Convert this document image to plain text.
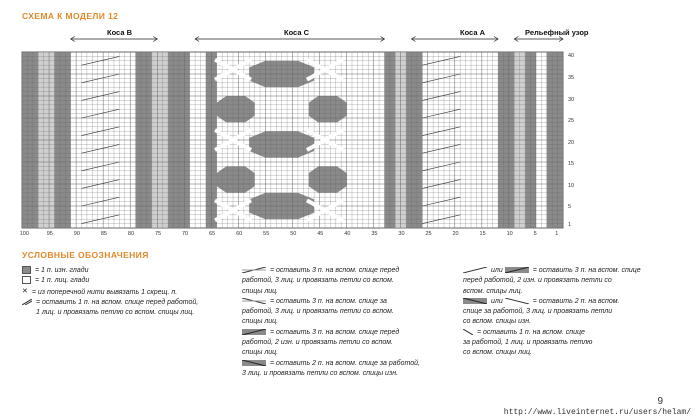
СХЕМА К МОДЕЛИ 12
Коса В	Коса С	Коса А	Рельефный узор
40
35
30
25
20
15
10
5
1
100	95	90	85	80	75	70	65	60	55	50	45	40	35	30	25	20	15	10	5	1
УСЛОВНЫЕ ОБОЗНАЧЕНИЯ
= 1 п. изн. глади
= 1 п. лиц. глади
✕ = из поперечной нити вывязать 1 скрещ. п.
= оставить 1 п. на вспом. спице перед работой,
1 лиц. и провязать петлю со вспом. спицы лиц.
= оставить 3 п. на вспом. спице перед
работой, 3 лиц. и провязать петли со вспом.
спицы лиц.
= оставить 3 п. на вспом. спице за
работой, 3 лиц. и провязать петли со вспом.
спицы лиц.
= оставить 3 п. на вспом. спице перед
работой, 2 изн. и провязать петли со вспом.
спицы лиц.
= оставить 2 п. на вспом. спице за работой,
3 лиц. и провязать петли со вспом. спицы изн.
или	= оставить 3 п. на вспом. спице
перед работой, 2 изн. и провязать петли со
вспом. спицы лиц.
или	= оставить 2 п. на вспом.
спице за работой, 3 лиц. и провязать петли
со вспом. спицы изн.
= оставить 1 п. на вспом. спице
за работой, 1 лиц. и провязать петлю
со вспом. спицы лиц.
9
http://www.liveinternet.ru/users/helam/
